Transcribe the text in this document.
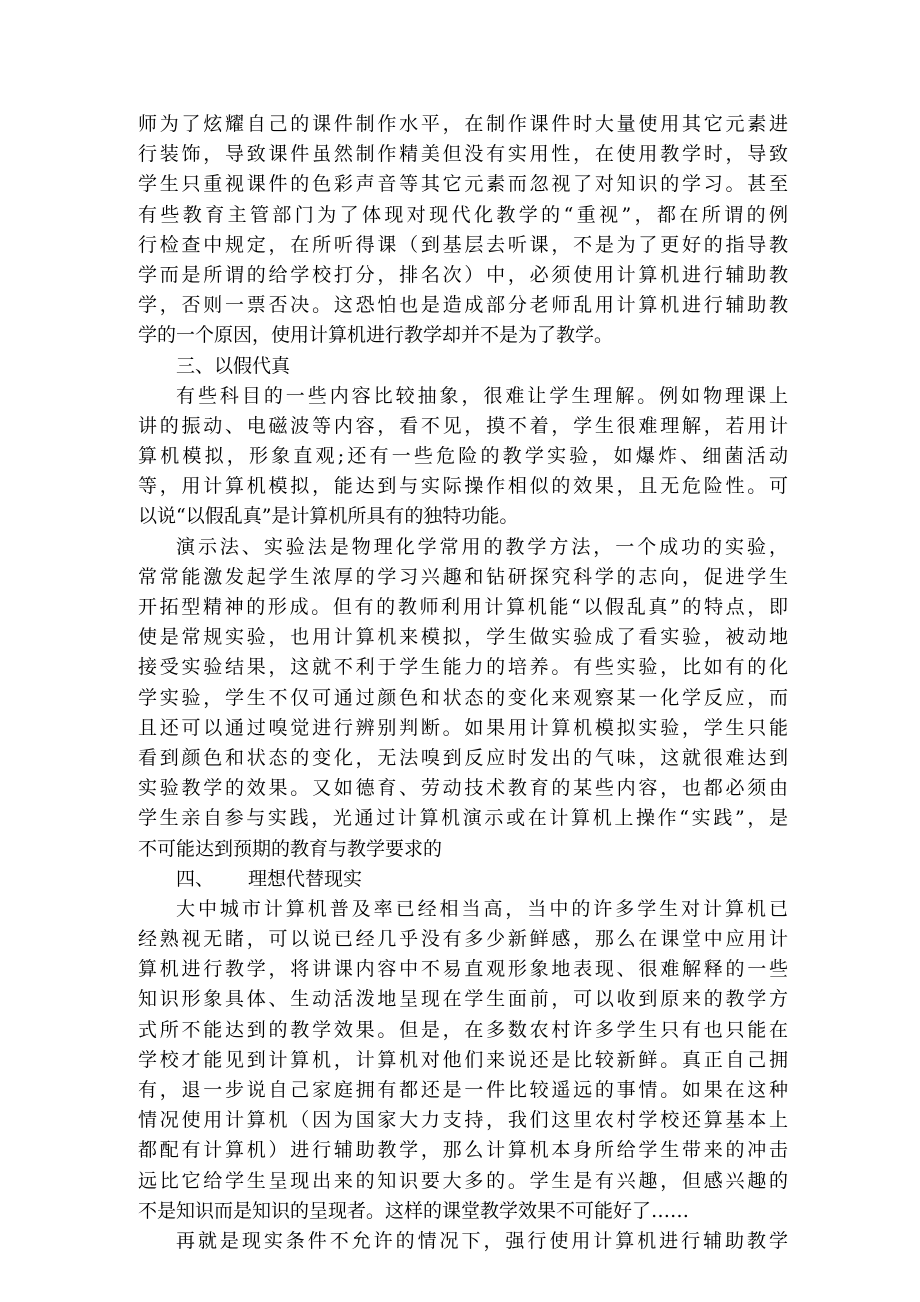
师为了炫耀自己的课件制作水平，在制作课件时大量使用其它元素进
行装饰，导致课件虽然制作精美但没有实用性，在使用教学时，导致
学生只重视课件的色彩声音等其它元素而忽视了对知识的学习。甚至
有些教育主管部门为了体现对现代化教学的“重视”，都在所谓的例
行检查中规定，在所听得课（到基层去听课，不是为了更好的指导教
学而是所谓的给学校打分，排名次）中，必须使用计算机进行辅助教
学，否则一票否决。这恐怕也是造成部分老师乱用计算机进行辅助教
学的一个原因，使用计算机进行教学却并不是为了教学。
三、以假代真
有些科目的一些内容比较抽象，很难让学生理解。例如物理课上
讲的振动、电磁波等内容，看不见，摸不着，学生很难理解，若用计
算机模拟，形象直观;还有一些危险的教学实验，如爆炸、细菌活动
等，用计算机模拟，能达到与实际操作相似的效果，且无危险性。可
以说“以假乱真”是计算机所具有的独特功能。
演示法、实验法是物理化学常用的教学方法，一个成功的实验，
常常能激发起学生浓厚的学习兴趣和钻研探究科学的志向，促进学生
开拓型精神的形成。但有的教师利用计算机能“以假乱真”的特点，即
使是常规实验，也用计算机来模拟，学生做实验成了看实验，被动地
接受实验结果，这就不利于学生能力的培养。有些实验，比如有的化
学实验，学生不仅可通过颜色和状态的变化来观察某一化学反应，而
且还可以通过嗅觉进行辨别判断。如果用计算机模拟实验，学生只能
看到颜色和状态的变化，无法嗅到反应时发出的气味，这就很难达到
实验教学的效果。又如德育、劳动技术教育的某些内容，也都必须由
学生亲自参与实践，光通过计算机演示或在计算机上操作“实践”，是
不可能达到预期的教育与教学要求的
四、 理想代替现实
大中城市计算机普及率已经相当高，当中的许多学生对计算机已
经熟视无睹，可以说已经几乎没有多少新鲜感，那么在课堂中应用计
算机进行教学，将讲课内容中不易直观形象地表现、很难解释的一些
知识形象具体、生动活泼地呈现在学生面前，可以收到原来的教学方
式所不能达到的教学效果。但是，在多数农村许多学生只有也只能在
学校才能见到计算机，计算机对他们来说还是比较新鲜。真正自己拥
有，退一步说自己家庭拥有都还是一件比较遥远的事情。如果在这种
情况使用计算机（因为国家大力支持，我们这里农村学校还算基本上
都配有计算机）进行辅助教学，那么计算机本身所给学生带来的冲击
远比它给学生呈现出来的知识要大多的。学生是有兴趣，但感兴趣的
不是知识而是知识的呈现者。这样的课堂教学效果不可能好了……
再就是现实条件不允许的情况下，强行使用计算机进行辅助教学
